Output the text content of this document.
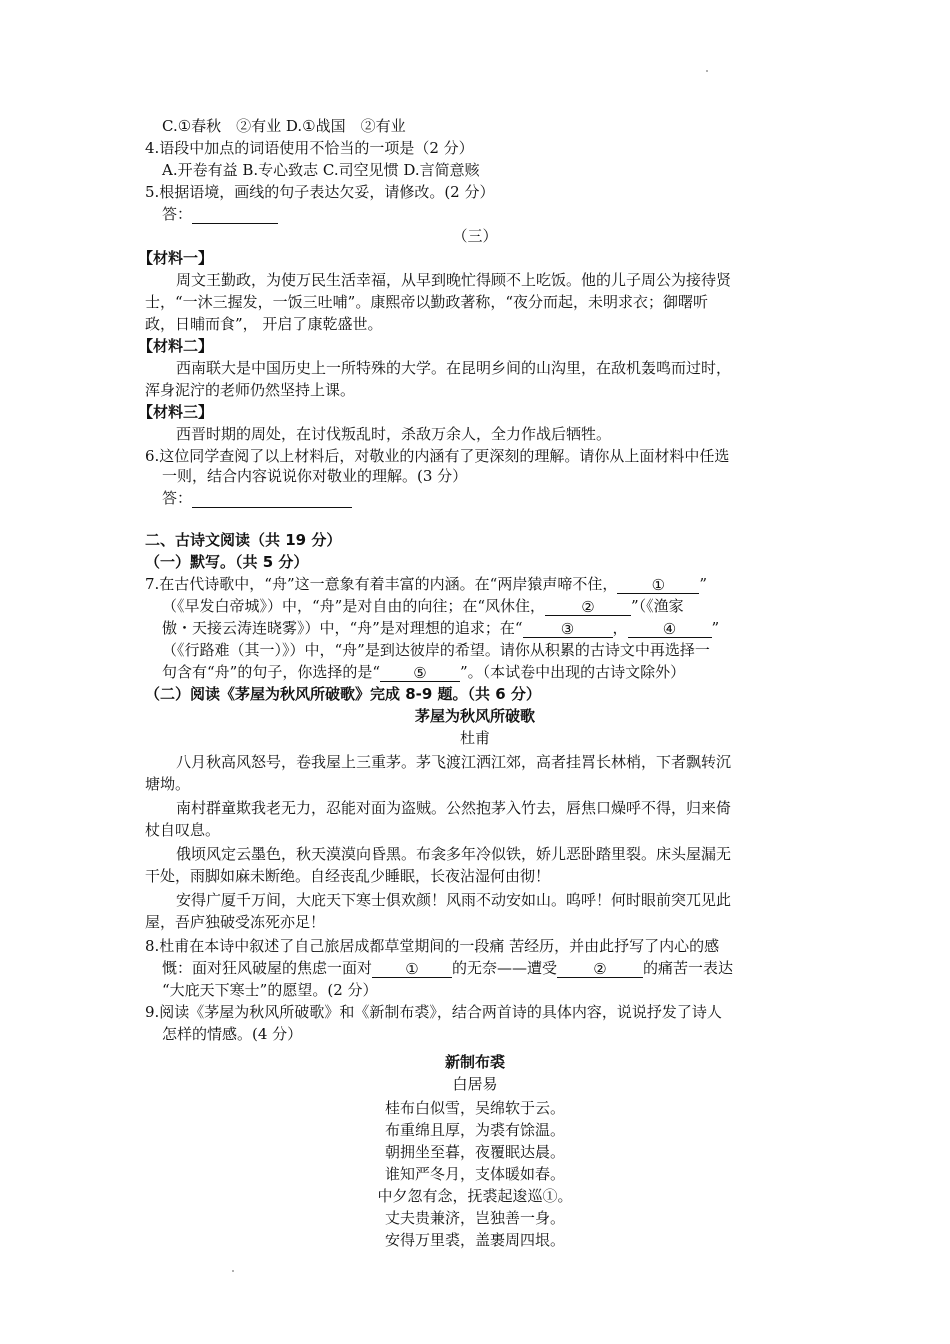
C.①春秋　②有业 D.①战国　②有业
4.语段中加点的词语使用不恰当的一项是（2 分）
A.开卷有益 B.专心致志 C.司空见惯 D.言简意赅
5.根据语境，画线的句子表达欠妥，请修改。(2 分）
答：
（三）
【材料一】
周文王勤政，为使万民生活幸福，从早到晚忙得顾不上吃饭。他的儿子周公为接待贤
士，“一沐三握发，一饭三吐哺”。康熙帝以勤政著称，“夜分而起，未明求衣；御曙听
政，日晡而食”， 开启了康乾盛世。
【材料二】
西南联大是中国历史上一所特殊的大学。在昆明乡间的山沟里，在敌机轰鸣而过时，
浑身泥泞的老师仍然坚持上课。
【材料三】
西晋时期的周处，在讨伐叛乱时，杀敌万余人，全力作战后牺牲。
6.这位同学查阅了以上材料后，对敬业的内涵有了更深刻的理解。请你从上面材料中任选
一则，结合内容说说你对敬业的理解。(3 分）
答：
二、古诗文阅读（共 19 分）
（一）默写。（共 5 分）
7.在古代诗歌中，“舟”这一意象有着丰富的内涵。在“两岸猿声啼不住， ① ”
（《早发白帝城》）中，“舟”是对自由的向往；在“风休住， ② ”（《渔家
傲・天接云涛连晓雾》）中，“舟”是对理想的追求；在“	③	， ④ ”
（《行路难（其一）》）中，“舟”是到达彼岸的希望。请你从积累的古诗文中再选择一
句含有“舟”的句子，你选择的是“ ⑤ ”。（本试卷中出现的古诗文除外）
（二）阅读《茅屋为秋风所破歌》完成 8-9 题。（共 6 分）
茅屋为秋风所破歌
杜甫
八月秋高风怒号，卷我屋上三重茅。茅飞渡江洒江郊，高者挂罥长林梢，下者飘转沉
塘坳。
南村群童欺我老无力，忍能对面为盗贼。公然抱茅入竹去，唇焦口燥呼不得，归来倚
杖自叹息。
俄顷风定云墨色，秋天漠漠向昏黑。布衾多年冷似铁，娇儿恶卧踏里裂。床头屋漏无
干处，雨脚如麻未断绝。自经丧乱少睡眠，长夜沾湿何由彻！
安得广厦千万间，大庇天下寒士俱欢颜！风雨不动安如山。呜呼！何时眼前突兀见此
屋，吾庐独破受冻死亦足！
8.杜甫在本诗中叙述了自己旅居成都草堂期间的一段痛 苦经历，并由此抒写了内心的感
慨：面对狂风破屋的焦虑一面对 ① 的无奈——遭受 ② 的痛苦一表达
“大庇天下寒士”的愿望。(2 分）
9.阅读《茅屋为秋风所破歌》和《新制布裘》，结合两首诗的具体内容，说说抒发了诗人
怎样的情感。(4 分）
新制布裘
白居易
桂布白似雪，吴绵软于云。
布重绵且厚，为裘有馀温。
朝拥坐至暮，夜覆眠达晨。
谁知严冬月，支体暖如春。
中夕忽有念，抚裘起逡巡①。
丈夫贵兼济，岂独善一身。
安得万里裘，盖裹周四垠。
